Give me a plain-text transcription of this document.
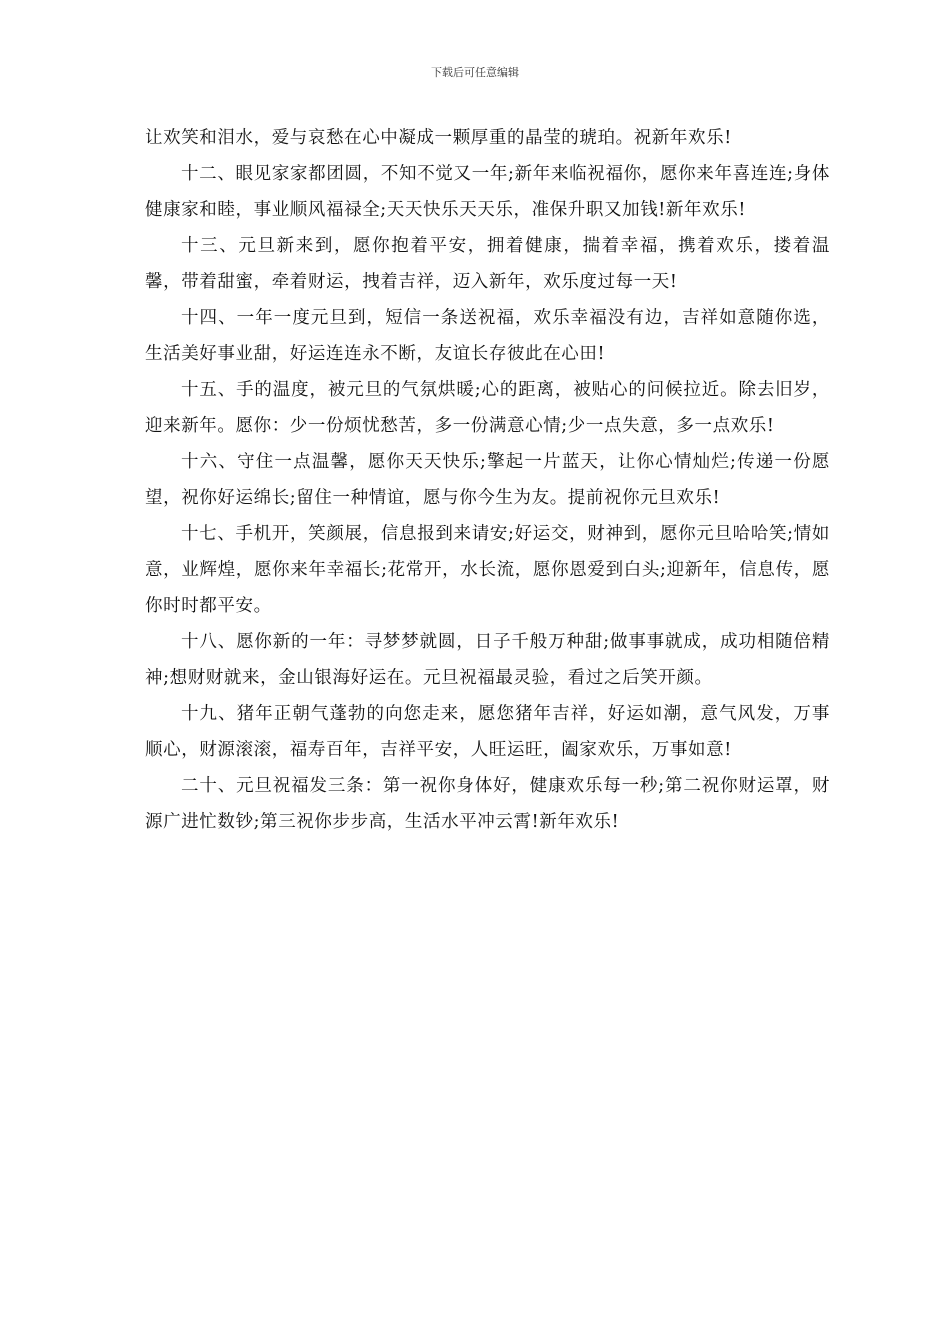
下载后可任意编辑

让欢笑和泪水，爱与哀愁在心中凝成一颗厚重的晶莹的琥珀。祝新年欢乐!

十二、眼见家家都团圆，不知不觉又一年;新年来临祝福你，愿你来年喜连连;身体健康家和睦，事业顺风福禄全;天天快乐天天乐，准保升职又加钱!新年欢乐!

十三、元旦新来到，愿你抱着平安，拥着健康，揣着幸福，携着欢乐，搂着温馨，带着甜蜜，牵着财运，拽着吉祥，迈入新年，欢乐度过每一天!

十四、一年一度元旦到，短信一条送祝福，欢乐幸福没有边，吉祥如意随你选，生活美好事业甜，好运连连永不断，友谊长存彼此在心田!

十五、手的温度，被元旦的气氛烘暖;心的距离，被贴心的问候拉近。除去旧岁，迎来新年。愿你：少一份烦忧愁苦，多一份满意心情;少一点失意，多一点欢乐!

十六、守住一点温馨，愿你天天快乐;擎起一片蓝天，让你心情灿烂;传递一份愿望，祝你好运绵长;留住一种情谊，愿与你今生为友。提前祝你元旦欢乐!

十七、手机开，笑颜展，信息报到来请安;好运交，财神到，愿你元旦哈哈笑;情如意，业辉煌，愿你来年幸福长;花常开，水长流，愿你恩爱到白头;迎新年，信息传，愿你时时都平安。

十八、愿你新的一年：寻梦梦就圆，日子千般万种甜;做事事就成，成功相随倍精神;想财财就来，金山银海好运在。元旦祝福最灵验，看过之后笑开颜。

十九、猪年正朝气蓬勃的向您走来，愿您猪年吉祥，好运如潮，意气风发，万事顺心，财源滚滚，福寿百年，吉祥平安，人旺运旺，阖家欢乐，万事如意!

二十、元旦祝福发三条：第一祝你身体好，健康欢乐每一秒;第二祝你财运罩，财源广进忙数钞;第三祝你步步高，生活水平冲云霄!新年欢乐!
